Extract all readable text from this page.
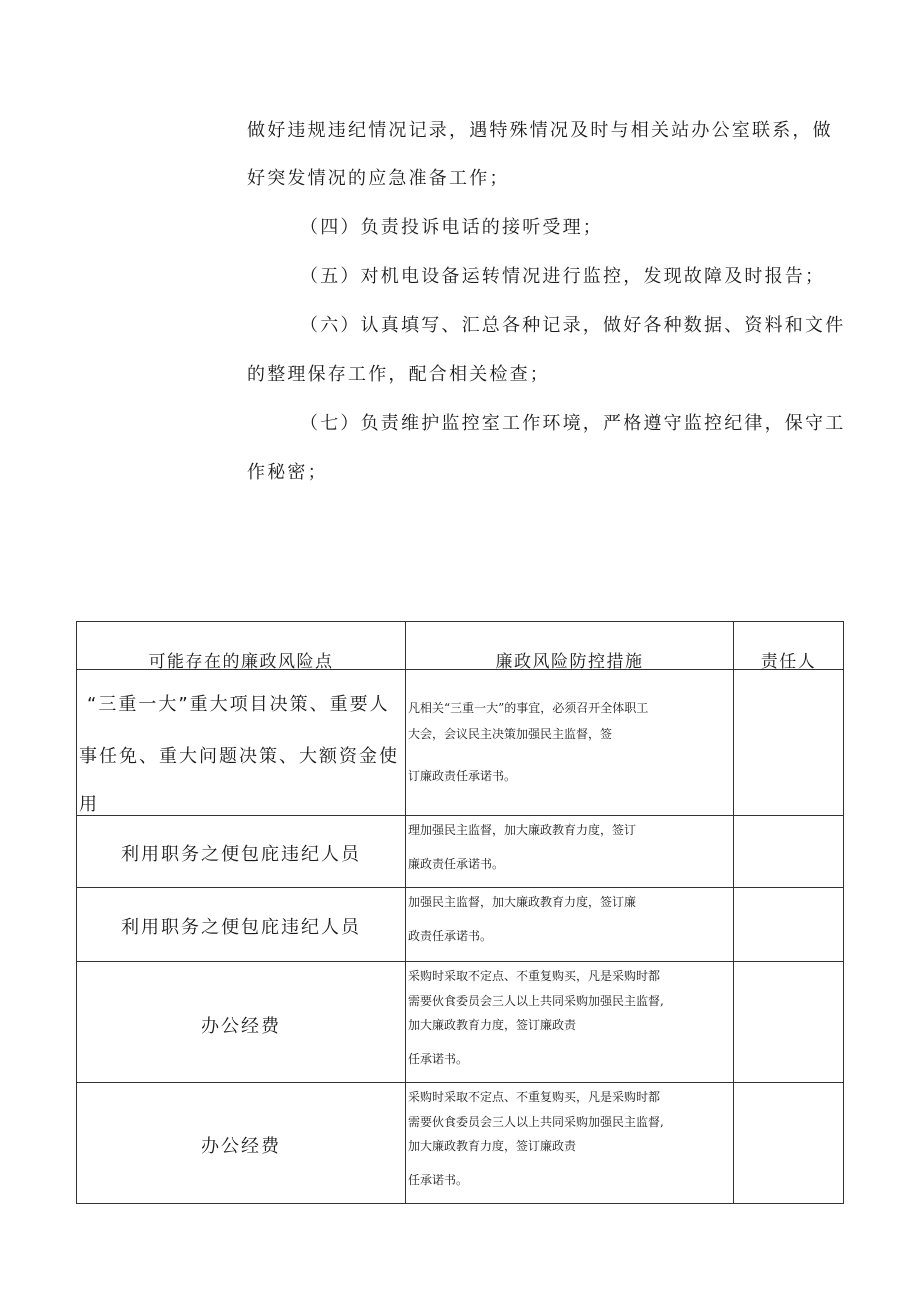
做好违规违纪情况记录，遇特殊情况及时与相关站办公室联系，做
好突发情况的应急准备工作；
（四）负责投诉电话的接听受理；
（五）对机电设备运转情况进行监控，发现故障及时报告；
（六）认真填写、汇总各种记录，做好各种数据、资料和文件
的整理保存工作，配合相关检查；
（七）负责维护监控室工作环境，严格遵守监控纪律，保守工
作秘密；
可能存在的廉政风险点	廉政风险防控措施	责任人
“三重一大”重大项目决策、重要人
事任免、重大问题决策、大额资金使
用
凡相关“三重一大”的事宜，必须召开全体职工
大会，会议民主决策加强民主监督，签
订廉政责任承诺书。
利用职务之便包庇违纪人员
理加强民主监督，加大廉政教育力度，签订
廉政责任承诺书。
利用职务之便包庇违纪人员
加强民主监督，加大廉政教育力度，签订廉
政责任承诺书。
办公经费
采购时采取不定点、不重复购买，凡是采购时都
需要伙食委员会三人以上共同采购加强民主监督,
加大廉政教育力度，签订廉政责
任承诺书。
办公经费
采购时采取不定点、不重复购买，凡是采购时都
需要伙食委员会三人以上共同采购加强民主监督,
加大廉政教育力度，签订廉政责
任承诺书。
